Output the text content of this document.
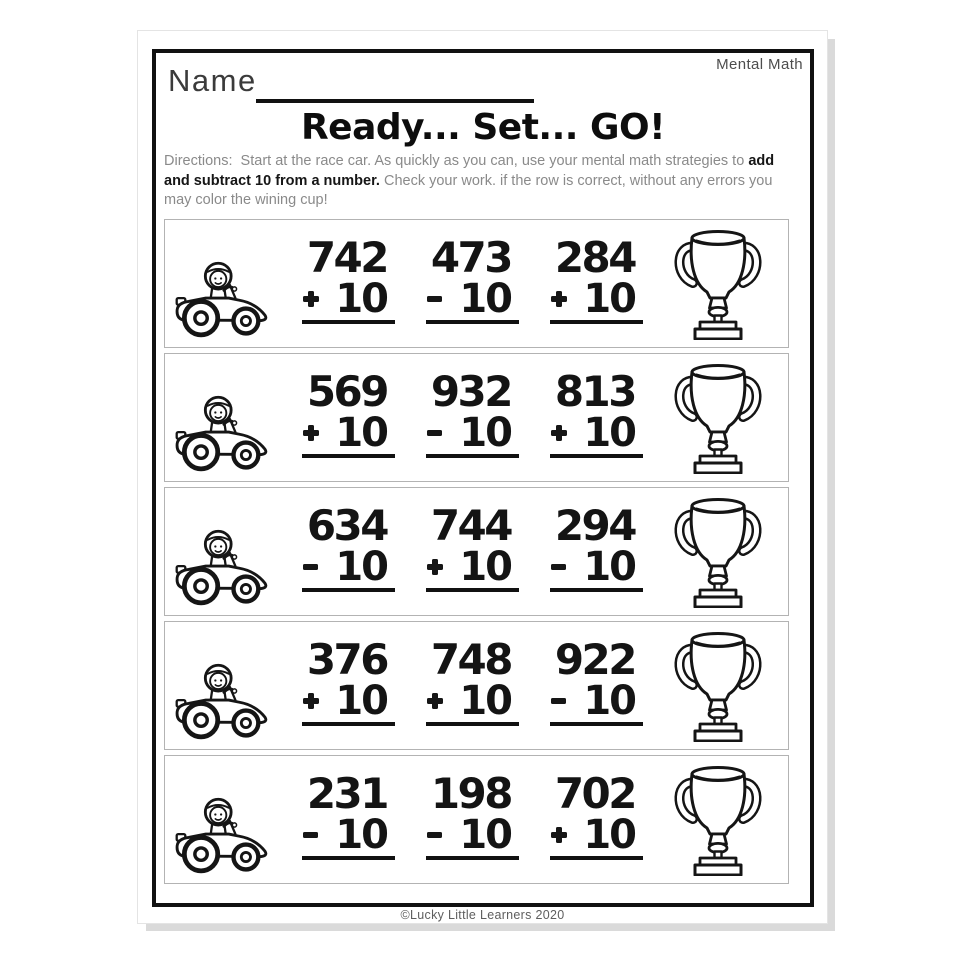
Mental Math
Name
Ready... Set... GO!
Directions:  Start at the race car. As quickly as you can, use your mental math strategies to add and subtract 10 from a number. Check your work. if the row is correct, without any errors you may color the wining cup!
742
10
473
10
284
10
569
10
932
10
813
10
634
10
744
10
294
10
376
10
748
10
922
10
231
10
198
10
702
10
©Lucky Little Learners 2020
